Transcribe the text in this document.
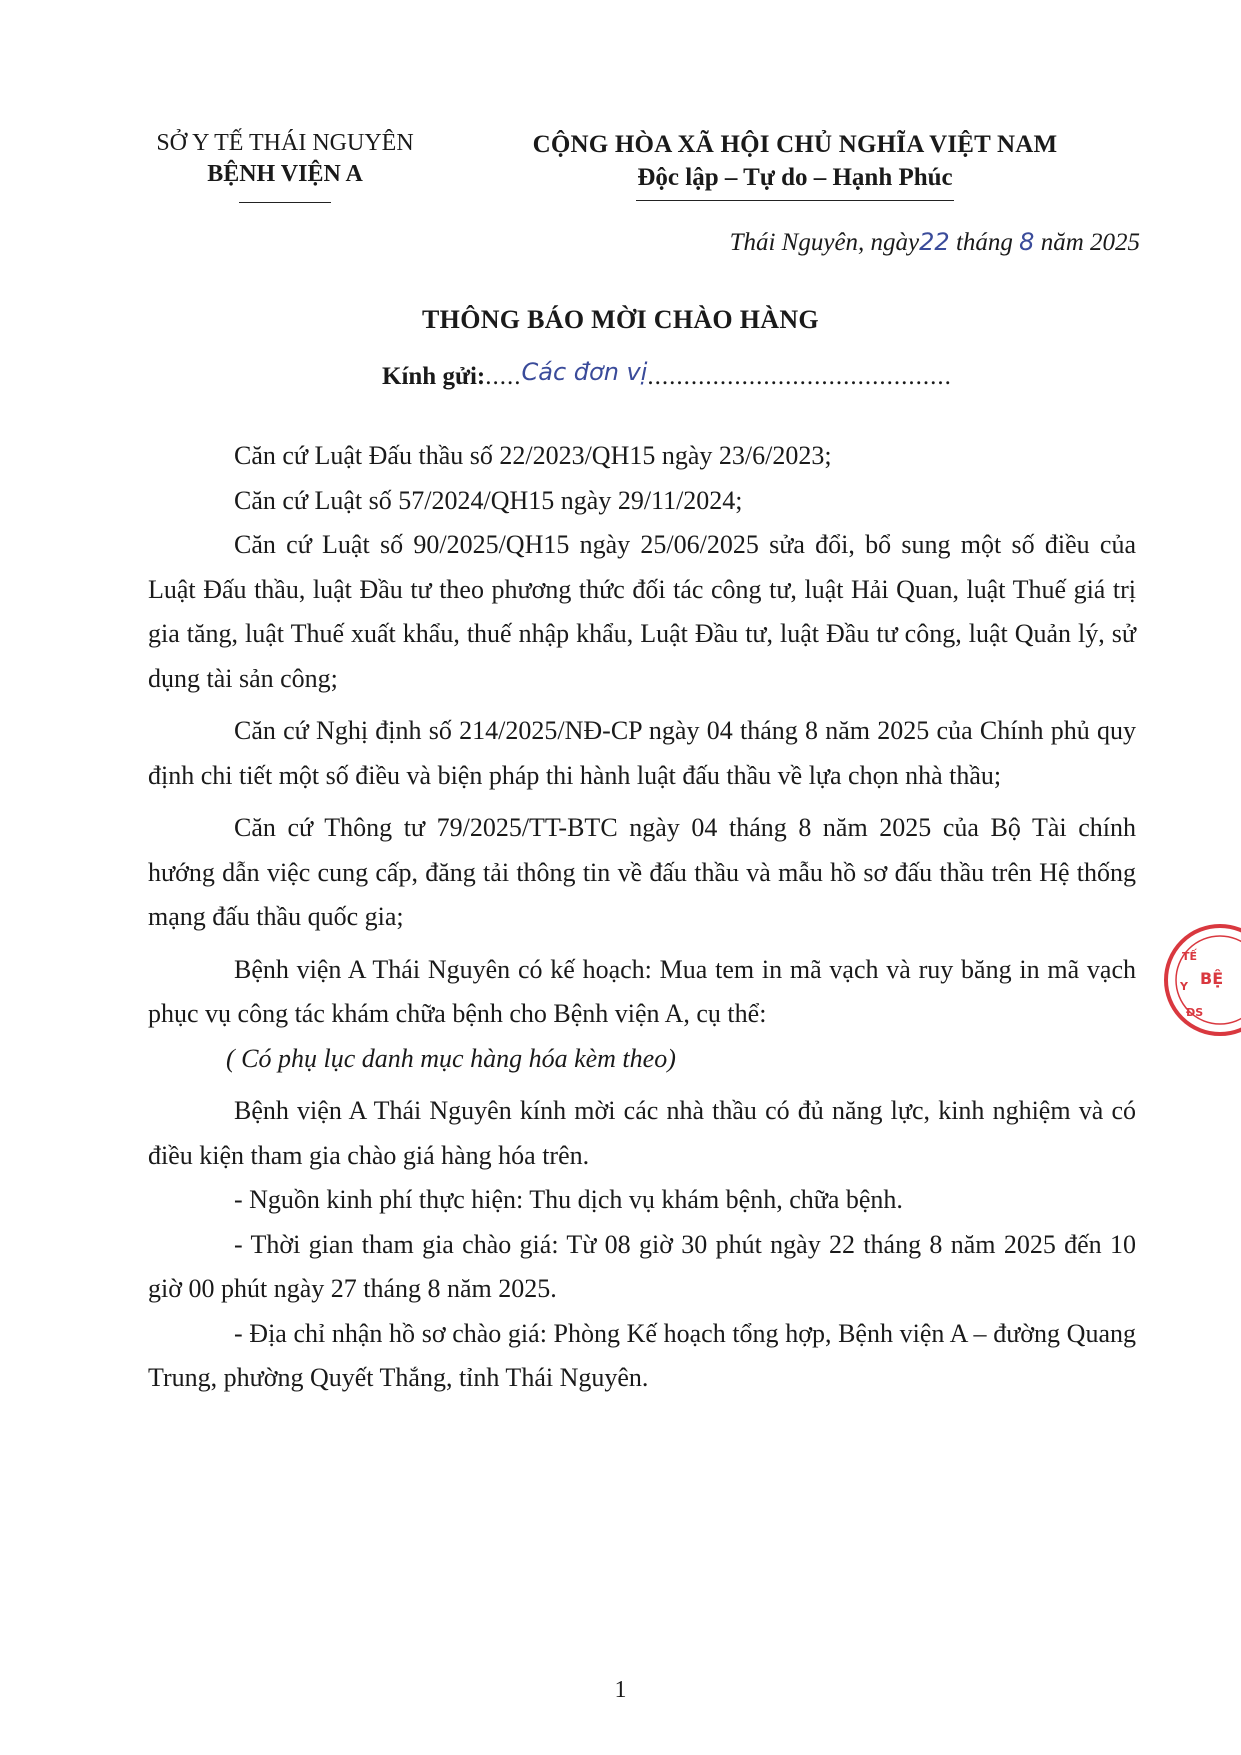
SỞ Y TẾ THÁI NGUYÊN
BỆNH VIỆN A
CỘNG HÒA XÃ HỘI CHỦ NGHĨA VIỆT NAM
Độc lập – Tự do – Hạnh Phúc
Thái Nguyên, ngày22 tháng 8 năm 2025
THÔNG BÁO MỜI CHÀO HÀNG
Kính gửi:.....Các đơn vị..........................................

Căn cứ Luật Đấu thầu số 22/2023/QH15 ngày 23/6/2023;

Căn cứ Luật số 57/2024/QH15 ngày 29/11/2024;

Căn cứ Luật số 90/2025/QH15 ngày 25/06/2025 sửa đổi, bổ sung một số điều của Luật Đấu thầu, luật Đầu tư theo phương thức đối tác công tư, luật Hải Quan, luật Thuế giá trị gia tăng, luật Thuế xuất khẩu, thuế nhập khẩu, Luật Đầu tư, luật Đầu tư công, luật Quản lý, sử dụng tài sản công;

Căn cứ Nghị định số 214/2025/NĐ-CP ngày 04 tháng 8 năm 2025 của Chính phủ quy định chi tiết một số điều và biện pháp thi hành luật đấu thầu về lựa chọn nhà thầu;

Căn cứ Thông tư 79/2025/TT-BTC ngày 04 tháng 8 năm 2025 của Bộ Tài chính hướng dẫn việc cung cấp, đăng tải thông tin về đấu thầu và mẫu hồ sơ đấu thầu trên Hệ thống mạng đấu thầu quốc gia;

Bệnh viện A Thái Nguyên có kế hoạch: Mua tem in mã vạch và ruy băng in mã vạch phục vụ công tác khám chữa bệnh cho Bệnh viện A, cụ thể:

( Có phụ lục danh mục hàng hóa kèm theo)

Bệnh viện A Thái Nguyên kính mời các nhà thầu có đủ năng lực, kinh nghiệm và có điều kiện tham gia chào giá hàng hóa trên.

- Nguồn kinh phí thực hiện: Thu dịch vụ khám bệnh, chữa bệnh.

- Thời gian tham gia chào giá: Từ 08 giờ 30 phút ngày 22 tháng 8 năm 2025 đến 10 giờ 00 phút ngày 27 tháng 8 năm 2025.

- Địa chỉ nhận hồ sơ chào giá: Phòng Kế hoạch tổng hợp, Bệnh viện A – đường Quang Trung, phường Quyết Thắng, tỉnh Thái Nguyên.

1
TẾ
BỆ
Y
ĐS
